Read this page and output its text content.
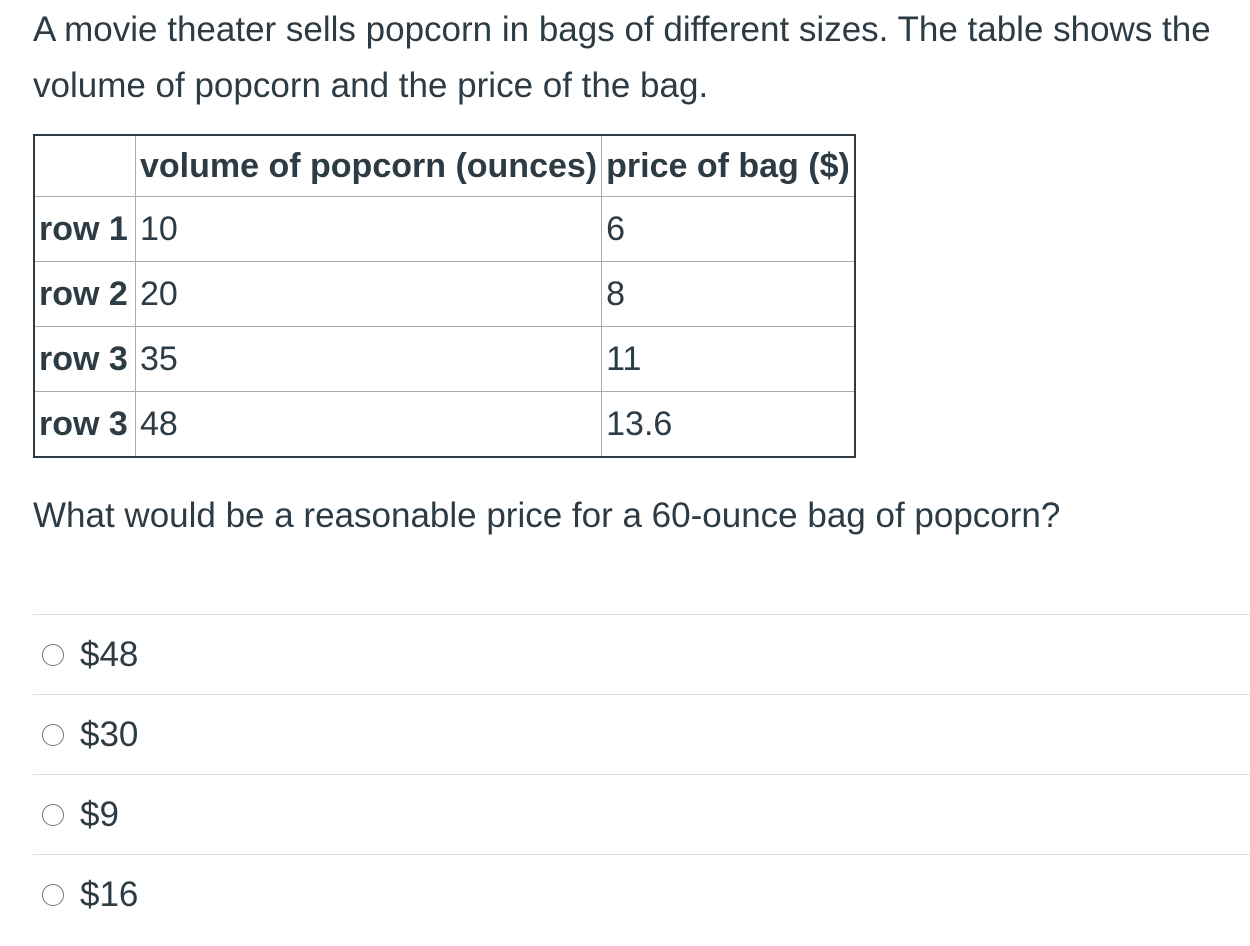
A movie theater sells popcorn in bags of different sizes. The table shows the volume of popcorn and the price of the bag.

	volume of popcorn (ounces)	price of bag ($)
row 1	10	6
row 2	20	8
row 3	35	11
row 3	48	13.6

What would be a reasonable price for a 60-ounce bag of popcorn?

$48
$30
$9
$16
